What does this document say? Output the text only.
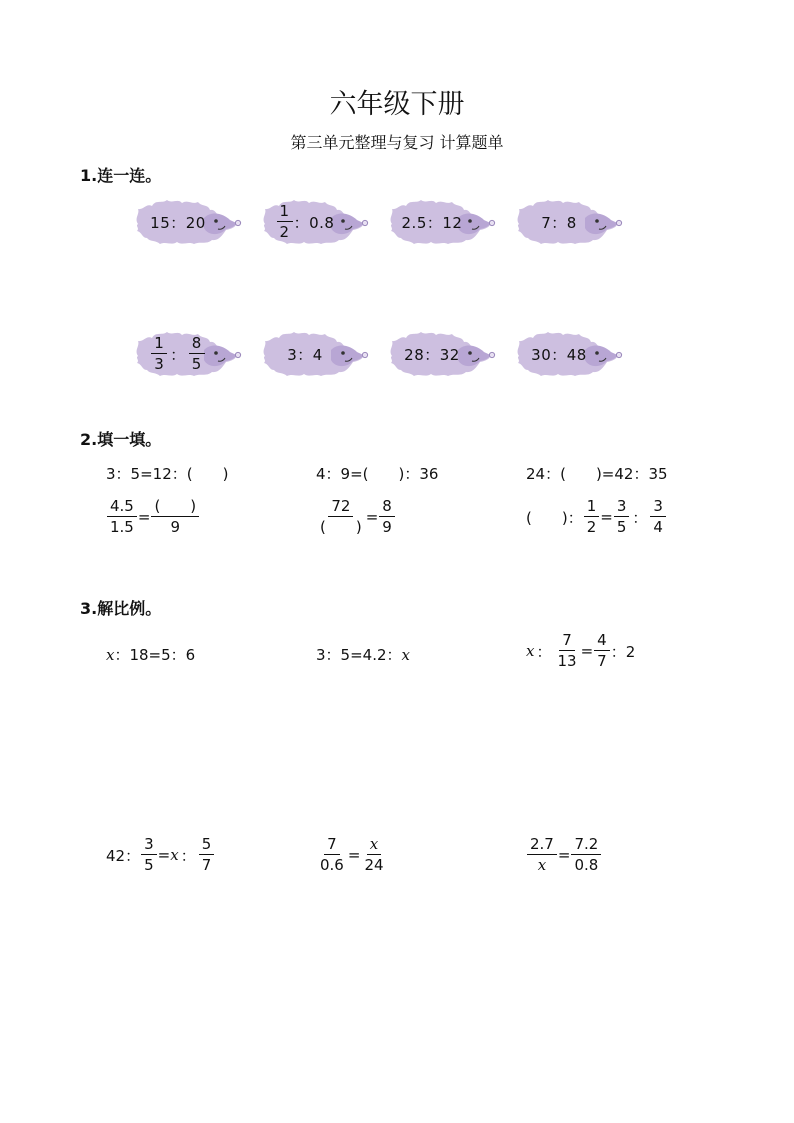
六年级下册
第三单元整理与复习 计算题单
1.连一连。
15：20	$\frac{1}{2}$ ：0.8	2.5：12	7：8
$\frac{1}{3}$ ： $\frac{8}{5}$	3：4	28：32	30：48
2.填一填。
3：5=12：(　　)	4：9=(　　)：36	24：(　　)=42：35
$\frac{4.5}{1.5} = \frac{( )}{9}$	$\frac{72}{( )} = \frac{8}{9}$	(　　)： $\frac{1}{2} = \frac{3}{5}$ ： $\frac{3}{4}$
3.解比例。
x ：18=5：6	3：5=4.2： x	x ： $\frac{7}{13} = \frac{4}{7}$ ：2
42： $\frac{3}{5} = x$ ： $\frac{5}{7}$	$\frac{7}{0.6} = \frac{x}{24}$	$\frac{2.7}{x} = \frac{7.2}{0.8}$
